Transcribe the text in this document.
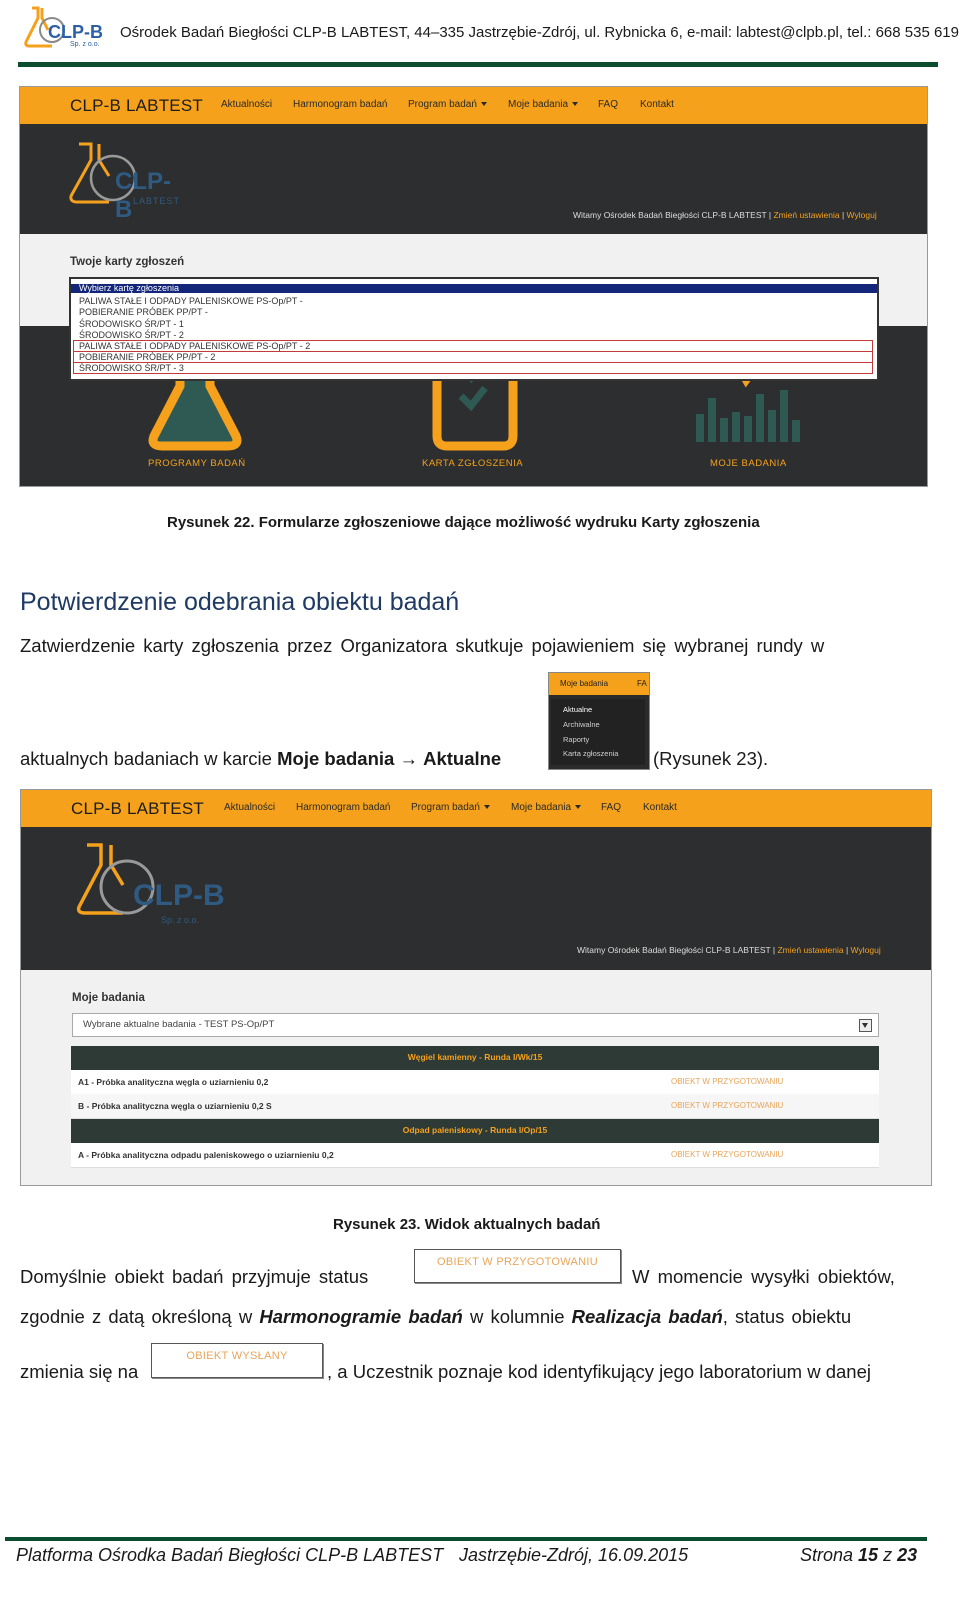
CLP-B
Sp. z o.o.
Ośrodek Badań Biegłości CLP-B LABTEST, 44–335 Jastrzębie-Zdrój, ul. Rybnicka 6, e-mail: labtest@clpb.pl, tel.: 668 535 619
CLP-B LABTEST Aktualności Harmonogram badań Program badań	Moje badania	FAQ Kontakt
CLP-B LABTEST
Witamy Ośrodek Badań Biegłości CLP-B LABTEST | Zmień ustawienia | Wyloguj
Twoje karty zgłoszeń
PROGRAMY BADAŃ	KARTA ZGŁOSZENIA	MOJE BADANIA
Wybierz kartę zgłoszenia
PALIWA STAŁE I ODPADY PALENISKOWE PS-Op/PT -
POBIERANIE PRÓBEK PP/PT -
ŚRODOWISKO ŚR/PT - 1
ŚRODOWISKO ŚR/PT - 2
PALIWA STAŁE I ODPADY PALENISKOWE PS-Op/PT - 2
POBIERANIE PRÓBEK PP/PT - 2
ŚRODOWISKO ŚR/PT - 3
Rysunek 22. Formularze zgłoszeniowe dające możliwość wydruku Karty zgłoszenia
Potwierdzenie odebrania obiektu badań
Zatwierdzenie karty zgłoszenia przez Organizatora skutkuje pojawieniem się wybranej rundy w
aktualnych badaniach w karcie Moje badania → Aktualne	(Rysunek 23).
Moje badania	FA
Aktualne
Archiwalne
Raporty
Karta zgłoszenia
CLP-B LABTEST Aktualności Harmonogram badań Program badań	Moje badania	FAQ Kontakt
CLP-B
Sp. z o.o.
Witamy Ośrodek Badań Biegłości CLP-B LABTEST | Zmień ustawienia | Wyloguj
Moje badania
Wybrane aktualne badania - TEST PS-Op/PT
Węgiel kamienny - Runda I/Wk/15
A1 - Próbka analityczna węgla o uziarnieniu 0,2	OBIEKT W PRZYGOTOWANIU
B - Próbka analityczna węgla o uziarnieniu 0,2 S	OBIEKT W PRZYGOTOWANIU
Odpad paleniskowy - Runda I/Op/15
A - Próbka analityczna odpadu paleniskowego o uziarnieniu 0,2	OBIEKT W PRZYGOTOWANIU
Rysunek 23. Widok aktualnych badań
Domyślnie obiekt badań przyjmuje status
OBIEKT W PRZYGOTOWANIU
W momencie wysyłki obiektów,
zgodnie z datą określoną w Harmonogramie badań w kolumnie Realizacja badań, status obiektu
zmienia się na
OBIEKT WYSŁANY
, a Uczestnik poznaje kod identyfikujący jego laboratorium w danej
Platforma Ośrodka Badań Biegłości CLP-B LABTEST Jastrzębie-Zdrój, 16.09.2015	Strona 15 z 23
